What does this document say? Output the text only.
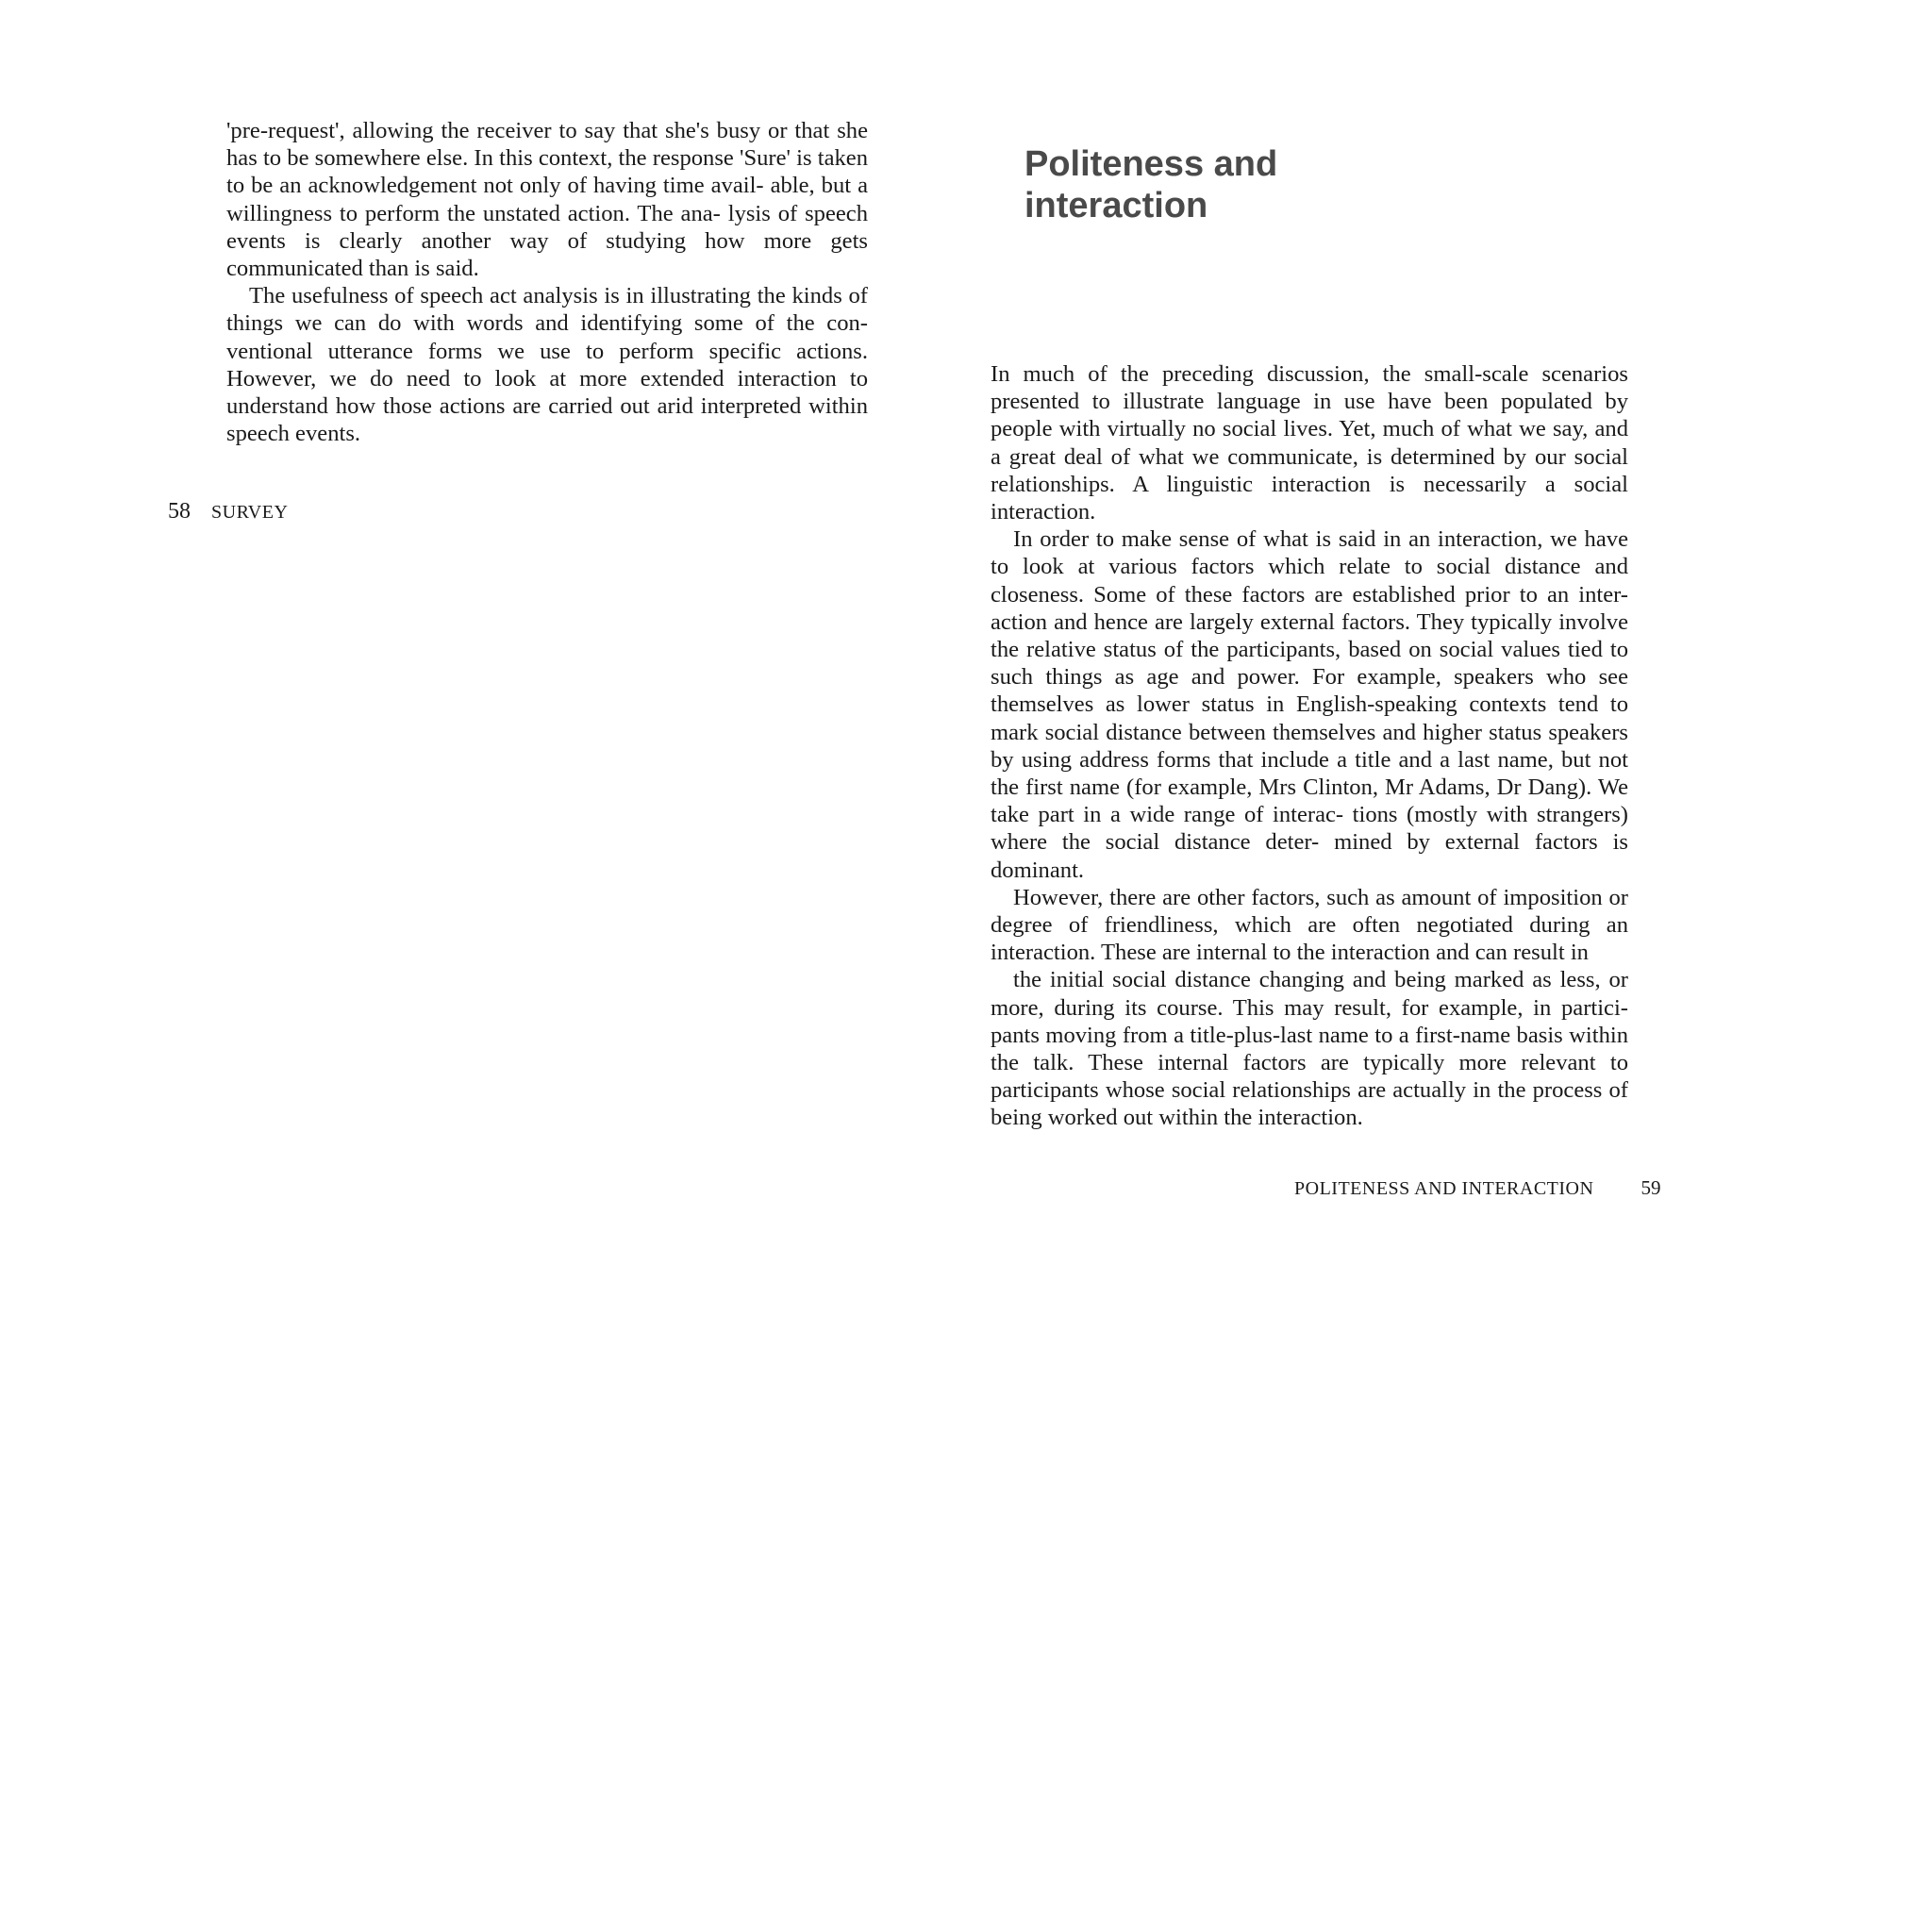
'pre-request', allowing the receiver to say that she's busy or that she has to be somewhere else. In this context, the response 'Sure' is taken to be an acknowledgement not only of having time avail- able, but a willingness to perform the unstated action. The ana- lysis of speech events is clearly another way of studying how more gets communicated than is said.

The usefulness of speech act analysis is in illustrating the kinds of things we can do with words and identifying some of the con- ventional utterance forms we use to perform specific actions. However, we do need to look at more extended interaction to understand how those actions are carried out arid interpreted within speech events.

58 SURVEY
Politeness and
interaction

In much of the preceding discussion, the small-scale scenarios presented to illustrate language in use have been populated by people with virtually no social lives. Yet, much of what we say, and a great deal of what we communicate, is determined by our social relationships. A linguistic interaction is necessarily a social interaction.

In order to make sense of what is said in an interaction, we have to look at various factors which relate to social distance and closeness. Some of these factors are established prior to an inter- action and hence are largely external factors. They typically involve the relative status of the participants, based on social values tied to such things as age and power. For example, speakers who see themselves as lower status in English-speaking contexts tend to mark social distance between themselves and higher status speakers by using address forms that include a title and a last name, but not the first name (for example, Mrs Clinton, Mr Adams, Dr Dang). We take part in a wide range of interac- tions (mostly with strangers) where the social distance deter- mined by external factors is dominant.

However, there are other factors, such as amount of imposition or degree of friendliness, which are often negotiated during an interaction. These are internal to the interaction and can result in

the initial social distance changing and being marked as less, or more, during its course. This may result, for example, in partici- pants moving from a title-plus-last name to a first-name basis within the talk. These internal factors are typically more relevant to participants whose social relationships are actually in the process of being worked out within the interaction.

POLITENESS AND INTERACTION 59
